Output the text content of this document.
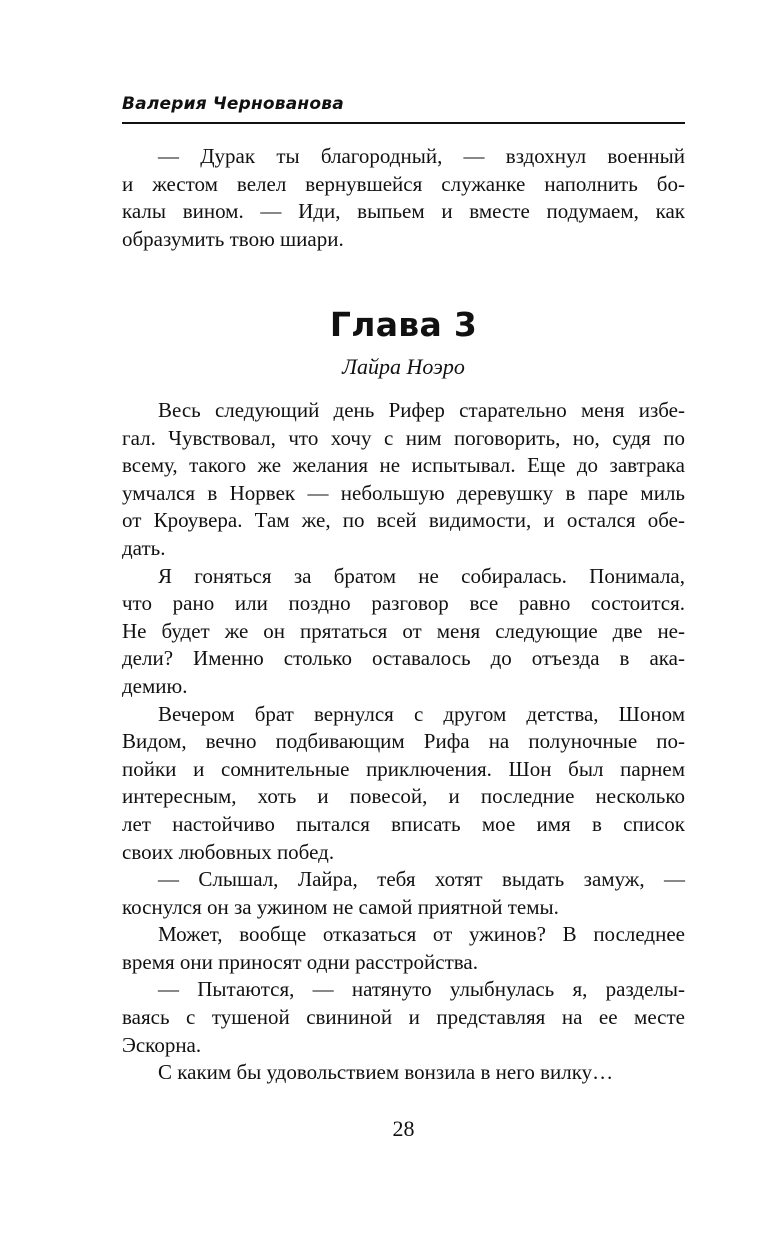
Валерия Чернованова
— Дурак ты благородный, — вздохнул военный
и жестом велел вернувшейся служанке наполнить бо-
калы вином. — Иди, выпьем и вместе подумаем, как
образумить твою шиари.
Глава 3
Лайра Ноэро
Весь следующий день Рифер старательно меня избе-
гал. Чувствовал, что хочу с ним поговорить, но, судя по
всему, такого же желания не испытывал. Еще до завтрака
умчался в Норвек — небольшую деревушку в паре миль
от Кроувера. Там же, по всей видимости, и остался обе-
дать.
Я гоняться за братом не собиралась. Понимала,
что рано или поздно разговор все равно состоится.
Не будет же он прятаться от меня следующие две не-
дели? Именно столько оставалось до отъезда в ака-
демию.
Вечером брат вернулся с другом детства, Шоном
Видом, вечно подбивающим Рифа на полуночные по-
пойки и сомнительные приключения. Шон был парнем
интересным, хоть и повесой, и последние несколько
лет настойчиво пытался вписать мое имя в список
своих любовных побед.
— Слышал, Лайра, тебя хотят выдать замуж, —
коснулся он за ужином не самой приятной темы.
Может, вообще отказаться от ужинов? В последнее
время они приносят одни расстройства.
— Пытаются, — натянуто улыбнулась я, разделы-
ваясь с тушеной свининой и представляя на ее месте
Эскорна.
С каким бы удовольствием вонзила в него вилку…
28
